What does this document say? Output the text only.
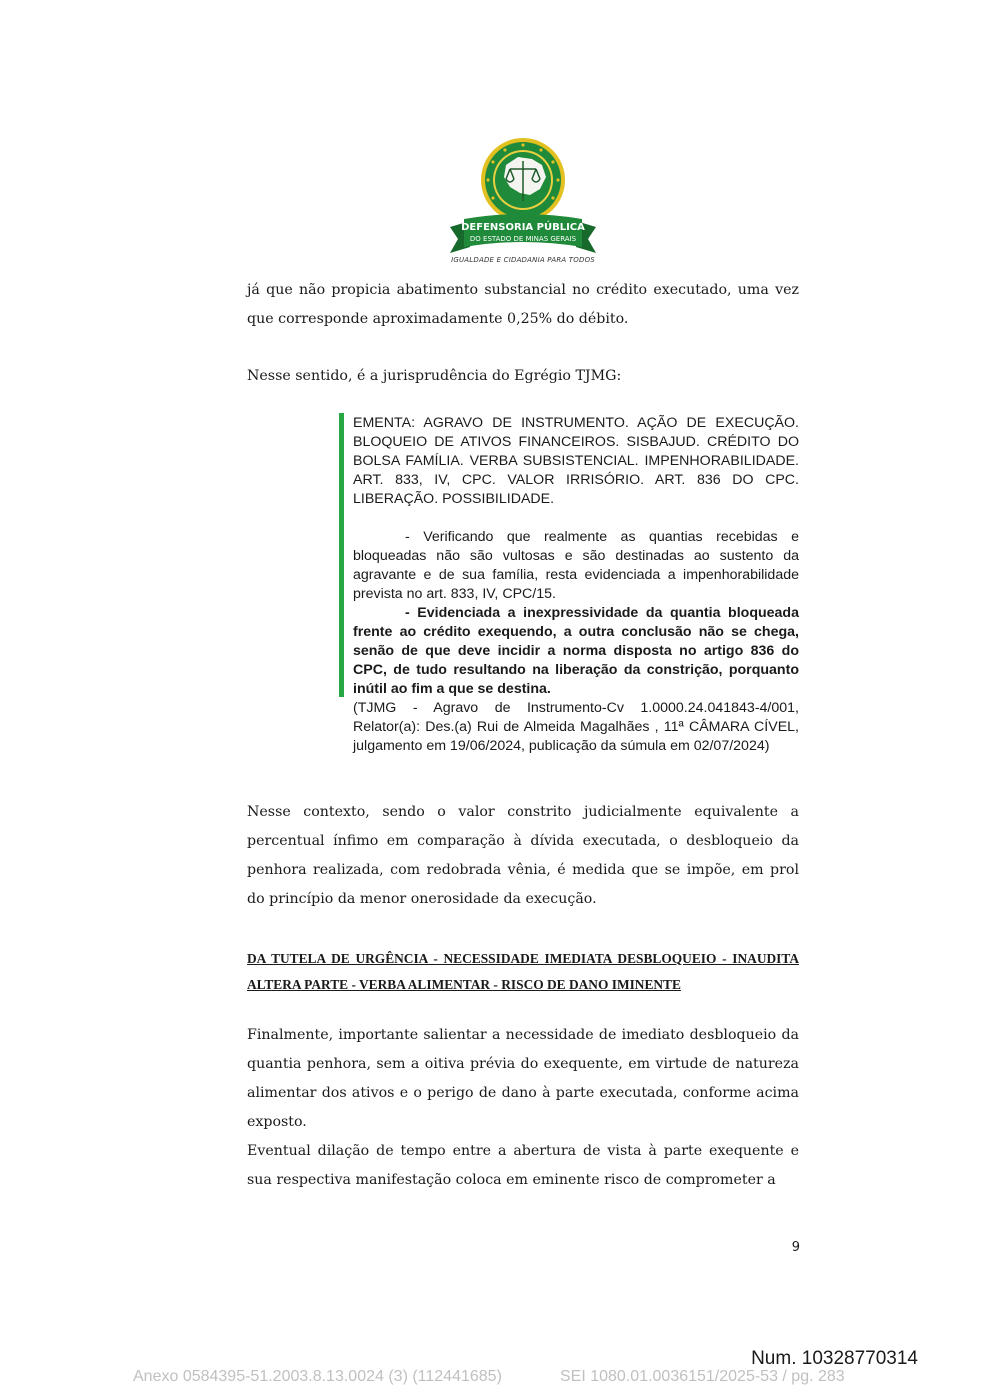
DEFENSORIA PÚBLICA
DO ESTADO DE MINAS GERAIS
IGUALDADE E CIDADANIA PARA TODOS

já que não propicia abatimento substancial no crédito executado, uma vez que corresponde aproximadamente 0,25% do débito.

Nesse sentido, é a jurisprudência do Egrégio TJMG:

EMENTA: AGRAVO DE INSTRUMENTO. AÇÃO DE EXECUÇÃO. BLOQUEIO DE ATIVOS FINANCEIROS. SISBAJUD. CRÉDITO DO BOLSA FAMÍLIA. VERBA SUBSISTENCIAL. IMPENHORABILIDADE. ART. 833, IV, CPC. VALOR IRRISÓRIO. ART. 836 DO CPC. LIBERAÇÃO. POSSIBILIDADE.

- Verificando que realmente as quantias recebidas e bloqueadas não são vultosas e são destinadas ao sustento da agravante e de sua família, resta evidenciada a impenhorabilidade prevista no art. 833, IV, CPC/15.

- Evidenciada a inexpressividade da quantia bloqueada frente ao crédito exequendo, a outra conclusão não se chega, senão de que deve incidir a norma disposta no artigo 836 do CPC, de tudo resultando na liberação da constrição, porquanto inútil ao fim a que se destina.

(TJMG - Agravo de Instrumento-Cv 1.0000.24.041843-4/001, Relator(a): Des.(a) Rui de Almeida Magalhães , 11ª CÂMARA CÍVEL, julgamento em 19/06/2024, publicação da súmula em 02/07/2024)

Nesse contexto, sendo o valor constrito judicialmente equivalente a percentual ínfimo em comparação à dívida executada, o desbloqueio da penhora realizada, com redobrada vênia, é medida que se impõe, em prol do princípio da menor onerosidade da execução.

DA TUTELA DE URGÊNCIA - NECESSIDADE IMEDIATA DESBLOQUEIO - INAUDITA ALTERA PARTE - VERBA ALIMENTAR - RISCO DE DANO IMINENTE

Finalmente, importante salientar a necessidade de imediato desbloqueio da quantia penhora, sem a oitiva prévia do exequente, em virtude de natureza alimentar dos ativos e o perigo de dano à parte executada, conforme acima exposto.

Eventual dilação de tempo entre a abertura de vista à parte exequente e sua respectiva manifestação coloca em eminente risco de comprometer a

9
Num. 10328770314
Anexo 0584395-51.2003.8.13.0024 (3) (112441685)	SEI 1080.01.0036151/2025-53 / pg. 283
